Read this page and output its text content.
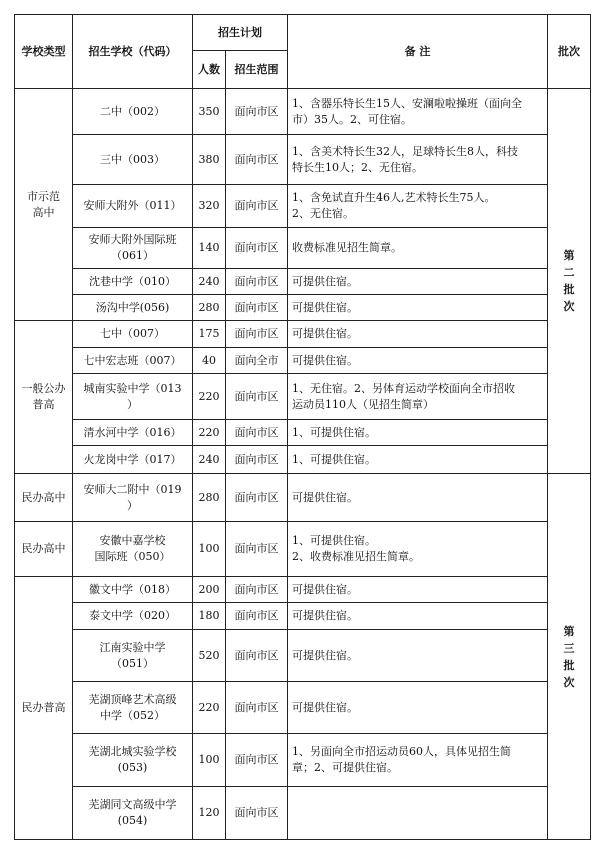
学校类型	招生学校（代码）	招生计划		备 注	批次
		人数	招生范围		

市示范
高中	二中（002）	350	面向市区	1、含器乐特长生15人、安澜啦啦操班（面向全
市）35人。2、可住宿。	第二批次
	三中（003）	380	面向市区	1、含美术特长生32人，足球特长生8人，科技
特长生10人；2、无住宿。	

	安师大附外（011）	320	面向市区	1、含免试直升生46人,艺术特长生75人。
2、无住宿。	

	安师大附外国际班
（061）	140	面向市区	收费标准见招生简章。	

	沈巷中学（010）	240	面向市区	可提供住宿。	

	汤沟中学(056)	280	面向市区	可提供住宿。	

一般公办
普高	七中（007）	175	面向市区	可提供住宿。	

	七中宏志班（007）	40	面向全市	可提供住宿。	

	城南实验中学（013
）	220	面向市区	1、无住宿。2、另体育运动学校面向全市招收
运动员110人（见招生简章）	

	清水河中学（016）	220	面向市区	1、可提供住宿。	

	火龙岗中学（017）	240	面向市区	1、可提供住宿。	

民办高中	安师大二附中（019
）	280	面向市区	可提供住宿。	第三批次

民办高中	安徽中嘉学校
国际班（050）	100	面向市区	1、可提供住宿。
2、收费标准见招生简章。	

民办普高	徽文中学（018）	200	面向市区	可提供住宿。	

	泰文中学（020）	180	面向市区	可提供住宿。	

	江南实验中学
（051）	520	面向市区	可提供住宿。	

	芜湖顶峰艺术高级
中学（052）	220	面向市区	可提供住宿。	

	芜湖北城实验学校
(053)	100	面向市区	1、另面向全市招运动员60人，具体见招生简
章；2、可提供住宿。	

	芜湖同文高级中学
(054)	120	面向市区		
